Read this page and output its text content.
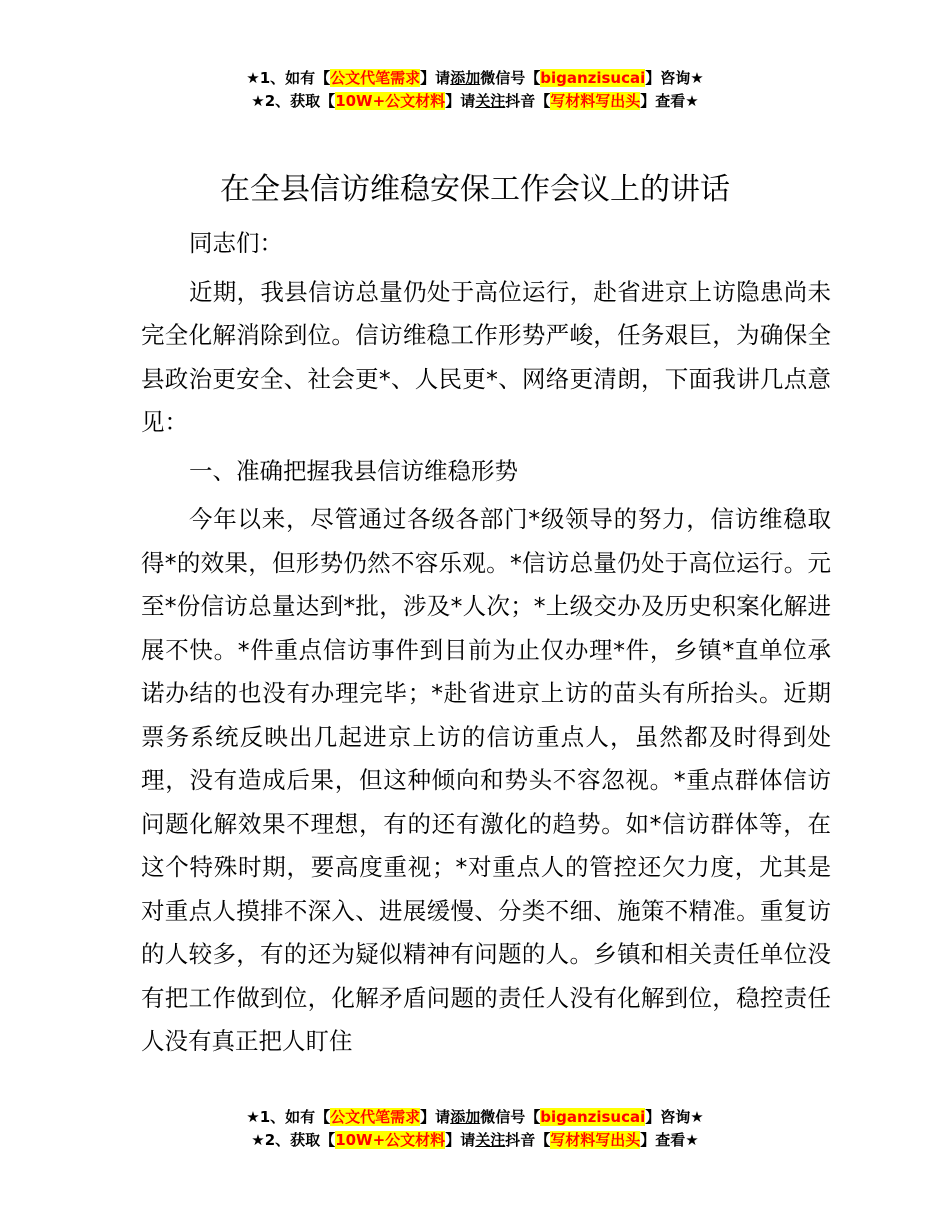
★1、如有【公文代笔需求】请添加微信号【biganzisucai】咨询★
★2、获取【10W+公文材料】请关注抖音【写材料写出头】查看★
在全县信访维稳安保工作会议上的讲话

同志们：

近期，我县信访总量仍处于高位运行，赴省进京上访隐患尚未完全化解消除到位。信访维稳工作形势严峻，任务艰巨，为确保全县政治更安全、社会更*、人民更*、网络更清朗，下面我讲几点意见：

一、准确把握我县信访维稳形势

今年以来，尽管通过各级各部门*级领导的努力，信访维稳取得*的效果，但形势仍然不容乐观。*信访总量仍处于高位运行。元至*份信访总量达到*批，涉及*人次；*上级交办及历史积案化解进展不快。*件重点信访事件到目前为止仅办理*件，乡镇*直单位承诺办结的也没有办理完毕；*赴省进京上访的苗头有所抬头。近期票务系统反映出几起进京上访的信访重点人，虽然都及时得到处理，没有造成后果，但这种倾向和势头不容忽视。*重点群体信访问题化解效果不理想，有的还有激化的趋势。如*信访群体等，在这个特殊时期，要高度重视；*对重点人的管控还欠力度，尤其是对重点人摸排不深入、进展缓慢、分类不细、施策不精准。重复访的人较多，有的还为疑似精神有问题的人。乡镇和相关责任单位没有把工作做到位，化解矛盾问题的责任人没有化解到位，稳控责任人没有真正把人盯住

★1、如有【公文代笔需求】请添加微信号【biganzisucai】咨询★
★2、获取【10W+公文材料】请关注抖音【写材料写出头】查看★
